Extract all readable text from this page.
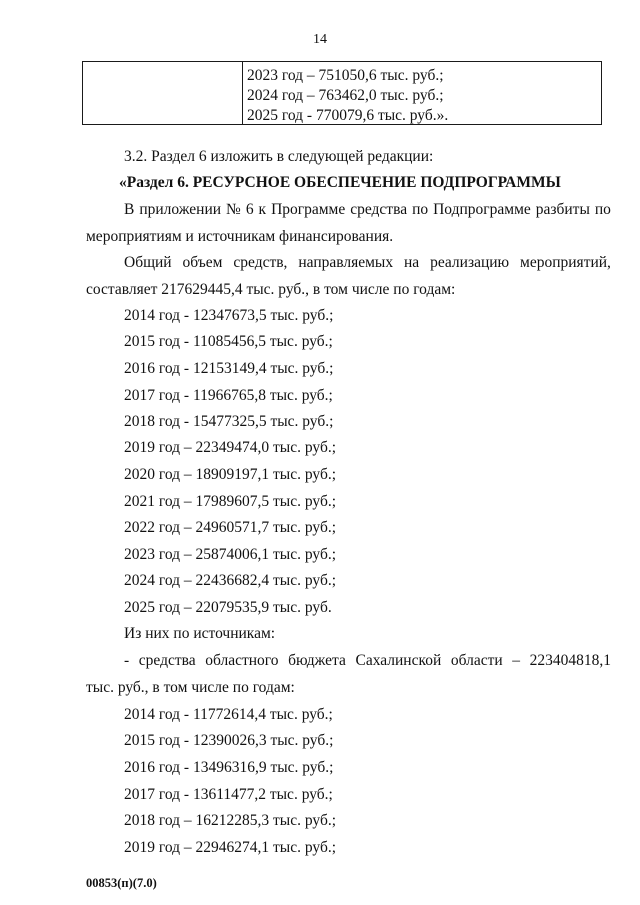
14
2023 год – 751050,6 тыс. руб.;
2024 год – 763462,0 тыс. руб.;
2025 год - 770079,6 тыс. руб.».
3.2. Раздел 6 изложить в следующей редакции:
«Раздел 6. РЕСУРСНОЕ ОБЕСПЕЧЕНИЕ ПОДПРОГРАММЫ
В приложении № 6 к Программе средства по Подпрограмме разбиты по
мероприятиям и источникам финансирования.
Общий объем средств, направляемых на реализацию мероприятий,
составляет 217629445,4 тыс. руб., в том числе по годам:
2014 год - 12347673,5 тыс. руб.;
2015 год - 11085456,5 тыс. руб.;
2016 год - 12153149,4 тыс. руб.;
2017 год - 11966765,8 тыс. руб.;
2018 год - 15477325,5 тыс. руб.;
2019 год – 22349474,0 тыс. руб.;
2020 год – 18909197,1 тыс. руб.;
2021 год – 17989607,5 тыс. руб.;
2022 год – 24960571,7 тыс. руб.;
2023 год – 25874006,1 тыс. руб.;
2024 год – 22436682,4 тыс. руб.;
2025 год – 22079535,9 тыс. руб.
Из них по источникам:
- средства областного бюджета Сахалинской области – 223404818,1
тыс. руб., в том числе по годам:
2014 год - 11772614,4 тыс. руб.;
2015 год - 12390026,3 тыс. руб.;
2016 год - 13496316,9 тыс. руб.;
2017 год - 13611477,2 тыс. руб.;
2018 год – 16212285,3 тыс. руб.;
2019 год – 22946274,1 тыс. руб.;
00853(п)(7.0)
